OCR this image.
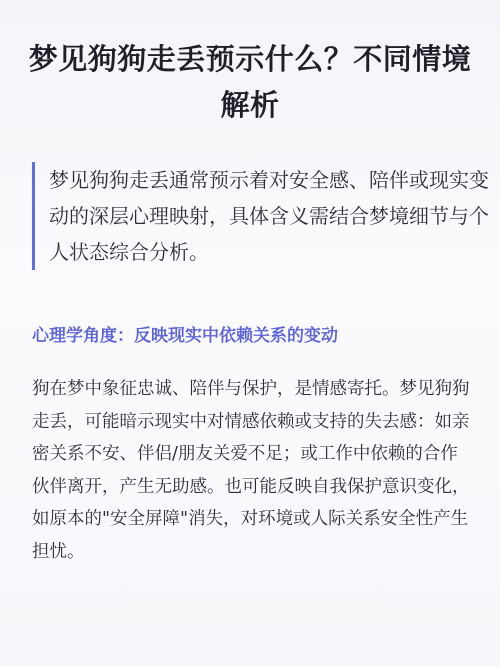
梦见狗狗走丢预示什么？不同情境解析

梦见狗狗走丢通常预示着对安全感、陪伴或现实变动的深层心理映射，具体含义需结合梦境细节与个人状态综合分析。

心理学角度：反映现实中依赖关系的变动

狗在梦中象征忠诚、陪伴与保护，是情感寄托。梦见狗狗走丢，可能暗示现实中对情感依赖或支持的失去感：如亲密关系不安、伴侣/朋友关爱不足；或工作中依赖的合作伙伴离开，产生无助感。也可能反映自我保护意识变化，如原本的"安全屏障"消失，对环境或人际关系安全性产生担忧。
